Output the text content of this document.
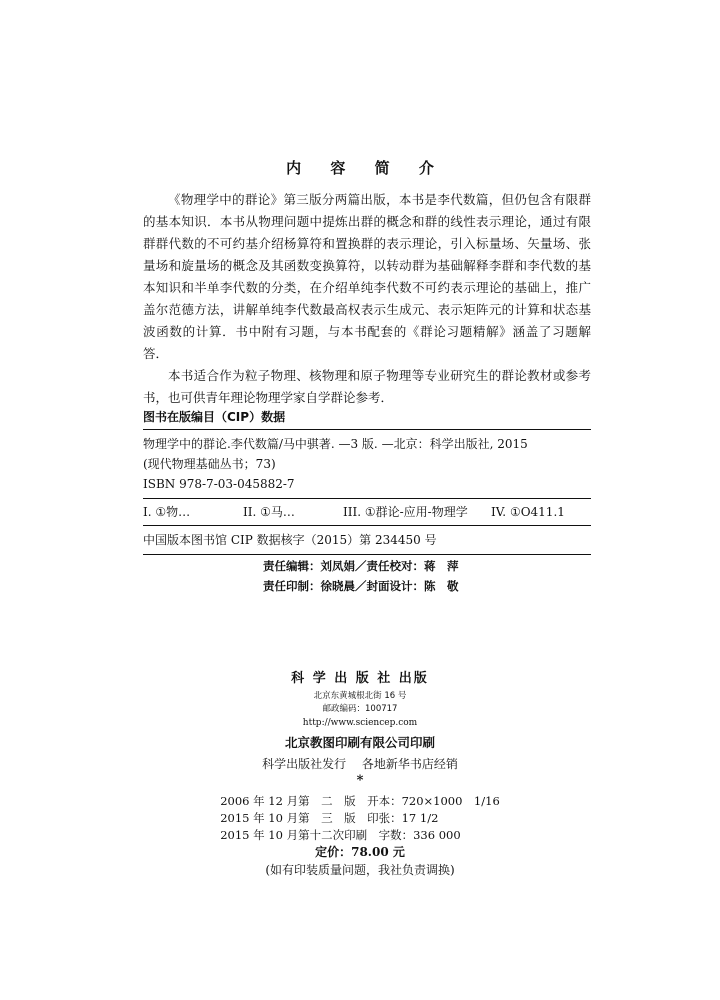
内 容 简 介

《物理学中的群论》第三版分两篇出版，本书是李代数篇，但仍包含有限群的基本知识．本书从物理问题中提炼出群的概念和群的线性表示理论，通过有限群群代数的不可约基介绍杨算符和置换群的表示理论，引入标量场、矢量场、张量场和旋量场的概念及其函数变换算符，以转动群为基础解释李群和李代数的基本知识和半单李代数的分类，在介绍单纯李代数不可约表示理论的基础上，推广盖尔范德方法，讲解单纯李代数最高权表示生成元、表示矩阵元的计算和状态基波函数的计算．书中附有习题，与本书配套的《群论习题精解》涵盖了习题解答．

本书适合作为粒子物理、核物理和原子物理等专业研究生的群论教材或参考书，也可供青年理论物理学家自学群论参考．

图书在版编目（CIP）数据
物理学中的群论.李代数篇/马中骐著. —3 版. —北京：科学出版社, 2015
(现代物理基础丛书；73)
ISBN 978-7-03-045882-7
I. ①物…	II. ①马…	III. ①群论-应用-物理学	IV. ①O411.1
中国版本图书馆 CIP 数据核字（2015）第 234450 号
责任编辑：刘凤娟／责任校对：蒋　萍
责任印制：徐晓晨／封面设计：陈　敬
科 学 出 版 社 出版
北京东黄城根北街 16 号
邮政编码：100717
http://www.sciencep.com
北京教图印刷有限公司印刷
科学出版社发行　 各地新华书店经销
*
2006 年 12 月第　二　版　开本：720×1000　1/16
2015 年 10 月第　三　版　印张：17 1/2
2015 年 10 月第十二次印刷　字数：336 000
定价：78.00 元
(如有印装质量问题，我社负责调换)
